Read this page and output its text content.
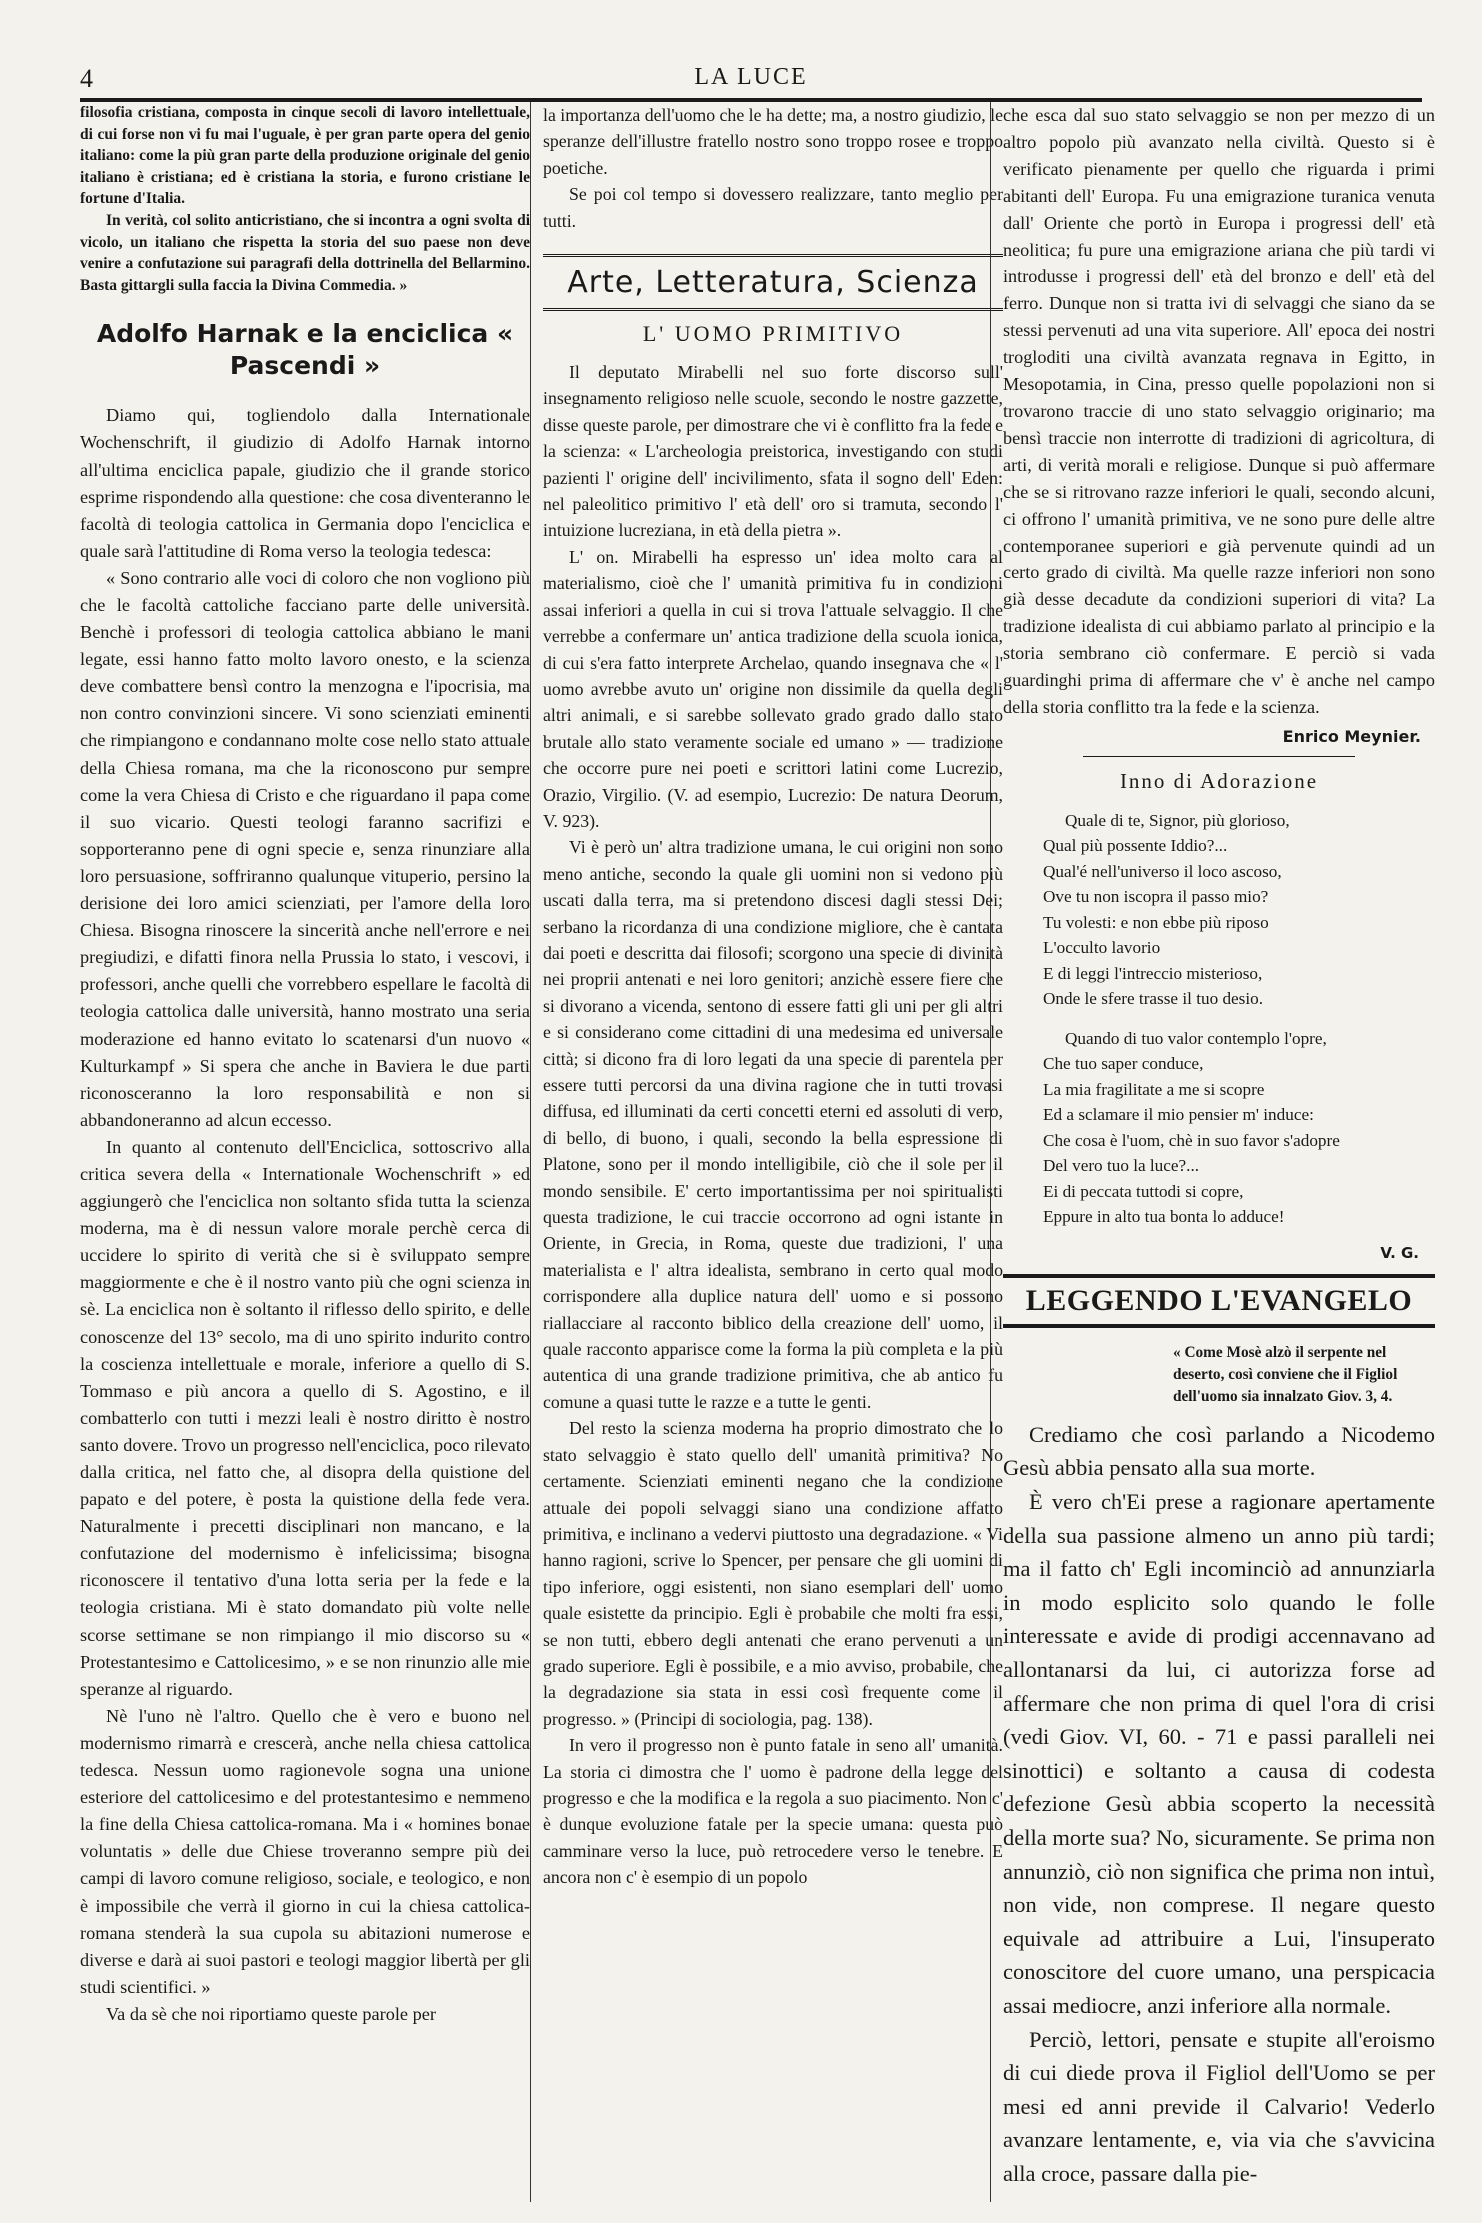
4	LA LUCE

filosofia cristiana, composta in cinque secoli di lavoro intellettuale, di cui forse non vi fu mai l'uguale, è per gran parte opera del genio italiano: come la più gran parte della produzione originale del genio italiano è cristiana; ed è cristiana la storia, e furono cristiane le fortune d'Italia.

In verità, col solito anticristiano, che si incontra a ogni svolta di vicolo, un italiano che rispetta la storia del suo paese non deve venire a confutazione sui paragrafi della dottrinella del Bellarmino. Basta gittargli sulla faccia la Divina Commedia. »

Adolfo Harnak e la enciclica « Pascendi »

Diamo qui, togliendolo dalla Internationale Wochenschrift, il giudizio di Adolfo Harnak intorno all'ultima enciclica papale, giudizio che il grande storico esprime rispondendo alla questione: che cosa diventeranno le facoltà di teologia cattolica in Germania dopo l'enciclica e quale sarà l'attitudine di Roma verso la teologia tedesca:

« Sono contrario alle voci di coloro che non vogliono più che le facoltà cattoliche facciano parte delle università. Benchè i professori di teologia cattolica abbiano le mani legate, essi hanno fatto molto lavoro onesto, e la scienza deve combattere bensì contro la menzogna e l'ipocrisia, ma non contro convinzioni sincere. Vi sono scienziati eminenti che rimpiangono e condannano molte cose nello stato attuale della Chiesa romana, ma che la riconoscono pur sempre come la vera Chiesa di Cristo e che riguardano il papa come il suo vicario. Questi teologi faranno sacrifizi e sopporteranno pene di ogni specie e, senza rinunziare alla loro persuasione, soffriranno qualunque vituperio, persino la derisione dei loro amici scienziati, per l'amore della loro Chiesa. Bisogna rinoscere la sincerità anche nell'errore e nei pregiudizi, e difatti finora nella Prussia lo stato, i vescovi, i professori, anche quelli che vorrebbero espellare le facoltà di teologia cattolica dalle università, hanno mostrato una seria moderazione ed hanno evitato lo scatenarsi d'un nuovo « Kulturkampf » Si spera che anche in Baviera le due parti riconosceranno la loro responsabilità e non si abbandoneranno ad alcun eccesso.

In quanto al contenuto dell'Enciclica, sottoscrivo alla critica severa della « Internationale Wochenschrift » ed aggiungerò che l'enciclica non soltanto sfida tutta la scienza moderna, ma è di nessun valore morale perchè cerca di uccidere lo spirito di verità che si è sviluppato sempre maggiormente e che è il nostro vanto più che ogni scienza in sè. La enciclica non è soltanto il riflesso dello spirito, e delle conoscenze del 13° secolo, ma di uno spirito indurito contro la coscienza intellettuale e morale, inferiore a quello di S. Tommaso e più ancora a quello di S. Agostino, e il combatterlo con tutti i mezzi leali è nostro diritto è nostro santo dovere. Trovo un progresso nell'enciclica, poco rilevato dalla critica, nel fatto che, al disopra della quistione del papato e del potere, è posta la quistione della fede vera. Naturalmente i precetti disciplinari non mancano, e la confutazione del modernismo è infelicissima; bisogna riconoscere il tentativo d'una lotta seria per la fede e la teologia cristiana. Mi è stato domandato più volte nelle scorse settimane se non rimpiango il mio discorso su « Protestantesimo e Cattolicesimo, » e se non rinunzio alle mie speranze al riguardo.

Nè l'uno nè l'altro. Quello che è vero e buono nel modernismo rimarrà e crescerà, anche nella chiesa cattolica tedesca. Nessun uomo ragionevole sogna una unione esteriore del cattolicesimo e del protestantesimo e nemmeno la fine della Chiesa cattolica-romana. Ma i « homines bonae voluntatis » delle due Chiese troveranno sempre più dei campi di lavoro comune religioso, sociale, e teologico, e non è impossibile che verrà il giorno in cui la chiesa cattolica-romana stenderà la sua cupola su abitazioni numerose e diverse e darà ai suoi pastori e teologi maggior libertà per gli studi scientifici. »

Va da sè che noi riportiamo queste parole per

la importanza dell'uomo che le ha dette; ma, a nostro giudizio, le speranze dell'illustre fratello nostro sono troppo rosee e troppo poetiche.

Se poi col tempo si dovessero realizzare, tanto meglio per tutti.

Arte, Letteratura, Scienza
L' UOMO PRIMITIVO

Il deputato Mirabelli nel suo forte discorso sull' insegnamento religioso nelle scuole, secondo le nostre gazzette, disse queste parole, per dimostrare che vi è conflitto fra la fede e la scienza: « L'archeologia preistorica, investigando con studi pazienti l' origine dell' incivilimento, sfata il sogno dell' Eden: nel paleolitico primitivo l' età dell' oro si tramuta, secondo l' intuizione lucreziana, in età della pietra ».

L' on. Mirabelli ha espresso un' idea molto cara al materialismo, cioè che l' umanità primitiva fu in condizioni assai inferiori a quella in cui si trova l'attuale selvaggio. Il che verrebbe a confermare un' antica tradizione della scuola ionica, di cui s'era fatto interprete Archelao, quando insegnava che « l' uomo avrebbe avuto un' origine non dissimile da quella degli altri animali, e si sarebbe sollevato grado grado dallo stato brutale allo stato veramente sociale ed umano » — tradizione che occorre pure nei poeti e scrittori latini come Lucrezio, Orazio, Virgilio. (V. ad esempio, Lucrezio: De natura Deorum, V. 923).

Vi è però un' altra tradizione umana, le cui origini non sono meno antiche, secondo la quale gli uomini non si vedono più uscati dalla terra, ma si pretendono discesi dagli stessi Dei; serbano la ricordanza di una condizione migliore, che è cantata dai poeti e descritta dai filosofi; scorgono una specie di divinità nei proprii antenati e nei loro genitori; anzichè essere fiere che si divorano a vicenda, sentono di essere fatti gli uni per gli altri e si considerano come cittadini di una medesima ed universale città; si dicono fra di loro legati da una specie di parentela per essere tutti percorsi da una divina ragione che in tutti trovasi diffusa, ed illuminati da certi concetti eterni ed assoluti di vero, di bello, di buono, i quali, secondo la bella espressione di Platone, sono per il mondo intelligibile, ciò che il sole per il mondo sensibile. E' certo importantissima per noi spiritualisti questa tradizione, le cui traccie occorrono ad ogni istante in Oriente, in Grecia, in Roma, queste due tradizioni, l' una materialista e l' altra idealista, sembrano in certo qual modo corrispondere alla duplice natura dell' uomo e si possono riallacciare al racconto biblico della creazione dell' uomo, il quale racconto apparisce come la forma la più completa e la più autentica di una grande tradizione primitiva, che ab antico fu comune a quasi tutte le razze e a tutte le genti.

Del resto la scienza moderna ha proprio dimostrato che lo stato selvaggio è stato quello dell' umanità primitiva? No certamente. Scienziati eminenti negano che la condizione attuale dei popoli selvaggi siano una condizione affatto primitiva, e inclinano a vedervi piuttosto una degradazione. « Vi hanno ragioni, scrive lo Spencer, per pensare che gli uomini di tipo inferiore, oggi esistenti, non siano esemplari dell' uomo quale esistette da principio. Egli è probabile che molti fra essi, se non tutti, ebbero degli antenati che erano pervenuti a un grado superiore. Egli è possibile, e a mio avviso, probabile, che la degradazione sia stata in essi così frequente come il progresso. » (Principi di sociologia, pag. 138).

In vero il progresso non è punto fatale in seno all' umanità. La storia ci dimostra che l' uomo è padrone della legge del progresso e che la modifica e la regola a suo piacimento. Non c' è dunque evoluzione fatale per la specie umana: questa può camminare verso la luce, può retrocedere verso le tenebre. E ancora non c' è esempio di un popolo

che esca dal suo stato selvaggio se non per mezzo di un altro popolo più avanzato nella civiltà. Questo si è verificato pienamente per quello che riguarda i primi abitanti dell' Europa. Fu una emigrazione turanica venuta dall' Oriente che portò in Europa i progressi dell' età neolitica; fu pure una emigrazione ariana che più tardi vi introdusse i progressi dell' età del bronzo e dell' età del ferro. Dunque non si tratta ivi di selvaggi che siano da se stessi pervenuti ad una vita superiore. All' epoca dei nostri trogloditi una civiltà avanzata regnava in Egitto, in Mesopotamia, in Cina, presso quelle popolazioni non si trovarono traccie di uno stato selvaggio originario; ma bensì traccie non interrotte di tradizioni di agricoltura, di arti, di verità morali e religiose. Dunque si può affermare che se si ritrovano razze inferiori le quali, secondo alcuni, ci offrono l' umanità primitiva, ve ne sono pure delle altre contemporanee superiori e già pervenute quindi ad un certo grado di civiltà. Ma quelle razze inferiori non sono già desse decadute da condizioni superiori di vita? La tradizione idealista di cui abbiamo parlato al principio e la storia sembrano ciò confermare. E perciò si vada guardinghi prima di affermare che v' è anche nel campo della storia conflitto tra la fede e la scienza.

Enrico Meynier.
Inno di Adorazione
Quale di te, Signor, più glorioso,
Qual più possente Iddio?...
Qual'é nell'universo il loco ascoso,
Ove tu non iscopra il passo mio?
Tu volesti: e non ebbe più riposo
L'occulto lavorio
E di leggi l'intreccio misterioso,
Onde le sfere trasse il tuo desio.
Quando di tuo valor contemplo l'opre,
Che tuo saper conduce,
La mia fragilitate a me si scopre
Ed a sclamare il mio pensier m' induce:
Che cosa è l'uom, chè in suo favor s'adopre
Del vero tuo la luce?...
Ei di peccata tuttodi si copre,
Eppure in alto tua bonta lo adduce!
V. G.
LEGGENDO L'EVANGELO
« Come Mosè alzò il serpente nel deserto, così conviene che il Figliol dell'uomo sia innalzato Giov. 3, 4.

Crediamo che così parlando a Nicodemo Gesù abbia pensato alla sua morte.

È vero ch'Ei prese a ragionare apertamente della sua passione almeno un anno più tardi; ma il fatto ch' Egli incominciò ad annunziarla in modo esplicito solo quando le folle interessate e avide di prodigi accennavano ad allontanarsi da lui, ci autorizza forse ad affermare che non prima di quel l'ora di crisi (vedi Giov. VI, 60. - 71 e passi paralleli nei sinottici) e soltanto a causa di codesta defezione Gesù abbia scoperto la necessità della morte sua? No, sicuramente. Se prima non annunziò, ciò non significa che prima non intuì, non vide, non comprese. Il negare questo equivale ad attribuire a Lui, l'insuperato conoscitore del cuore umano, una perspicacia assai mediocre, anzi inferiore alla normale.

Perciò, lettori, pensate e stupite all'eroismo di cui diede prova il Figliol dell'Uomo se per mesi ed anni previde il Calvario! Vederlo avanzare lentamente, e, via via che s'avvicina alla croce, passare dalla pie-
